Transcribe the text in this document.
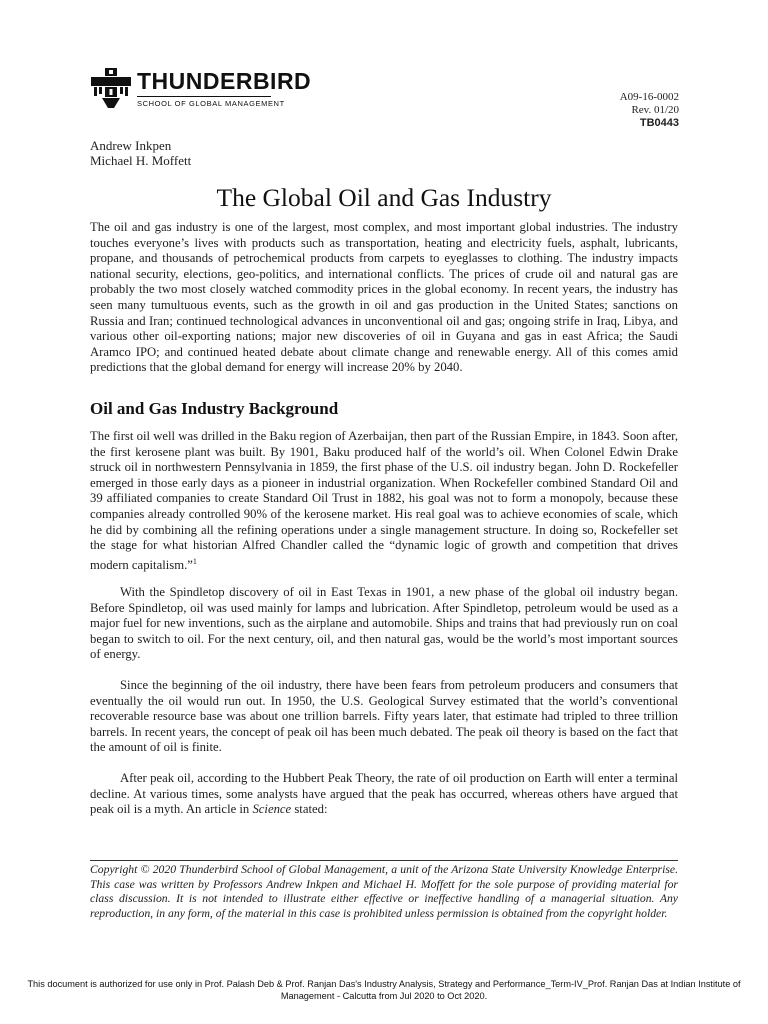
THUNDERBIRD
SCHOOL OF GLOBAL MANAGEMENT
A09-16-0002
Rev. 01/20
TB0443
Andrew Inkpen
Michael H. Moffett
The Global Oil and Gas Industry

The oil and gas industry is one of the largest, most complex, and most important global industries. The industry touches everyone’s lives with products such as transportation, heating and electricity fuels, asphalt, lubricants, propane, and thousands of petrochemical products from carpets to eyeglasses to clothing. The industry impacts national security, elections, geo-politics, and international conflicts. The prices of crude oil and natural gas are probably the two most closely watched commodity prices in the global economy. In recent years, the industry has seen many tumultuous events, such as the growth in oil and gas production in the United States; sanctions on Russia and Iran; continued technological advances in unconventional oil and gas; ongoing strife in Iraq, Libya, and various other oil-exporting nations; major new discoveries of oil in Guyana and gas in east Africa; the Saudi Aramco IPO; and continued heated debate about climate change and renewable energy. All of this comes amid predictions that the global demand for energy will increase 20% by 2040.

Oil and Gas Industry Background

The first oil well was drilled in the Baku region of Azerbaijan, then part of the Russian Empire, in 1843. Soon after, the first kerosene plant was built. By 1901, Baku produced half of the world’s oil. When Colonel Edwin Drake struck oil in northwestern Pennsylvania in 1859, the first phase of the U.S. oil industry began. John D. Rockefeller emerged in those early days as a pioneer in industrial organization. When Rockefeller combined Standard Oil and 39 affiliated companies to create Standard Oil Trust in 1882, his goal was not to form a monopoly, because these companies already controlled 90% of the kerosene market. His real goal was to achieve economies of scale, which he did by combining all the refining operations under a single management structure. In doing so, Rockefeller set the stage for what historian Alfred Chandler called the “dynamic logic of growth and competition that drives modern capitalism.”$^1$

With the Spindletop discovery of oil in East Texas in 1901, a new phase of the global oil industry began. Before Spindletop, oil was used mainly for lamps and lubrication. After Spindletop, petroleum would be used as a major fuel for new inventions, such as the airplane and automobile. Ships and trains that had previously run on coal began to switch to oil. For the next century, oil, and then natural gas, would be the world’s most important sources of energy.

Since the beginning of the oil industry, there have been fears from petroleum producers and consumers that eventually the oil would run out. In 1950, the U.S. Geological Survey estimated that the world’s conventional recoverable resource base was about one trillion barrels. Fifty years later, that estimate had tripled to three trillion barrels. In recent years, the concept of peak oil has been much debated. The peak oil theory is based on the fact that the amount of oil is finite.

After peak oil, according to the Hubbert Peak Theory, the rate of oil production on Earth will enter a terminal decline. At various times, some analysts have argued that the peak has occurred, whereas others have argued that peak oil is a myth. An article in Science stated:

Copyright © 2020 Thunderbird School of Global Management, a unit of the Arizona State University Knowledge Enterprise. This case was written by Professors Andrew Inkpen and Michael H. Moffett for the sole purpose of providing material for class discussion. It is not intended to illustrate either effective or ineffective handling of a managerial situation. Any reproduction, in any form, of the material in this case is prohibited unless permission is obtained from the copyright holder.
This document is authorized for use only in Prof. Palash Deb & Prof. Ranjan Das's Industry Analysis, Strategy and Performance_Term-IV_Prof. Ranjan Das at Indian Institute of Management - Calcutta from Jul 2020 to Oct 2020.
